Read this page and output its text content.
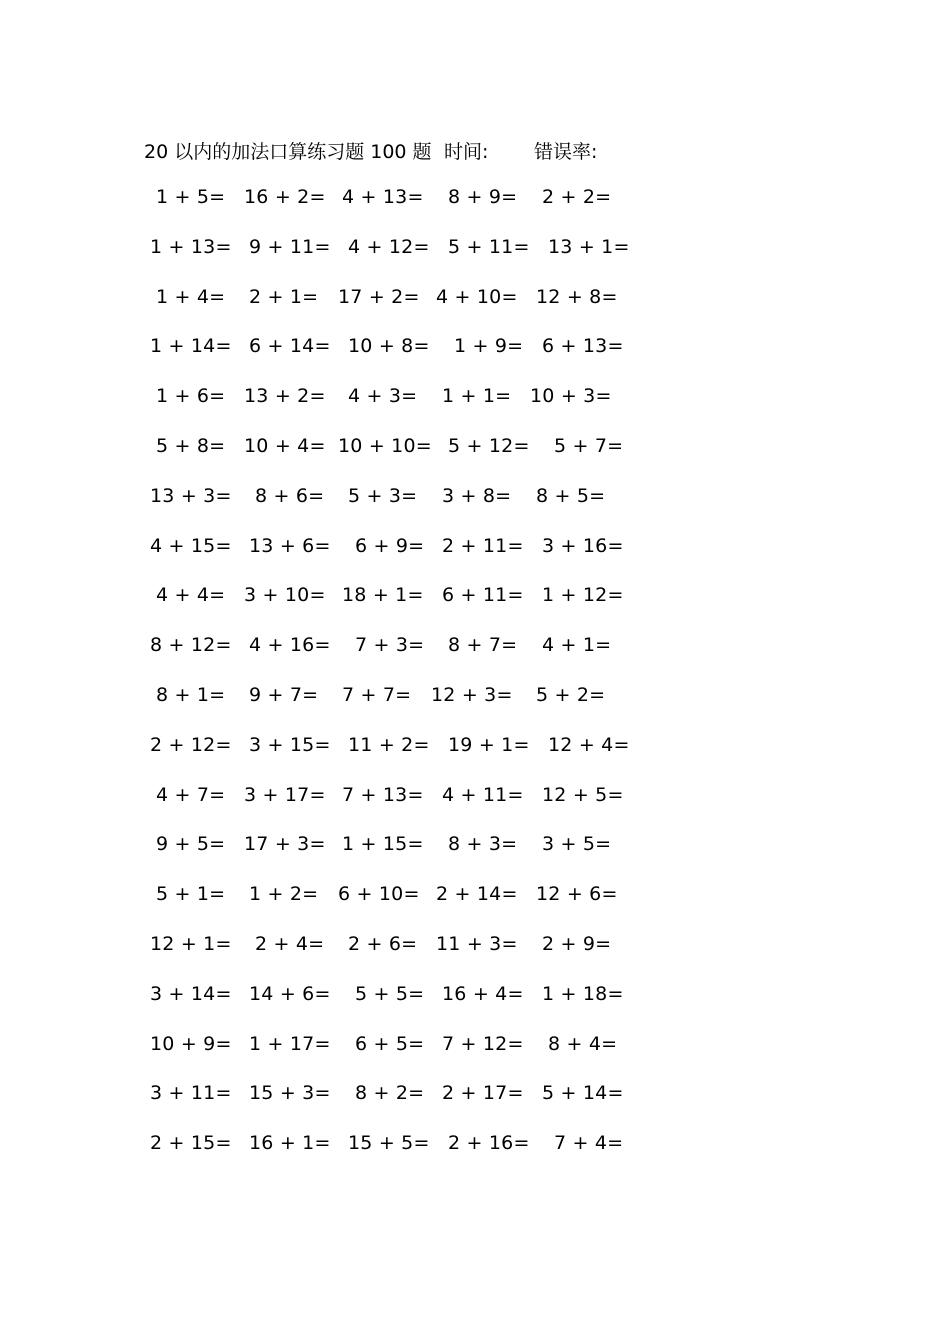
20 以内的加法口算练习题 100 题 时间: 错误率:
1 + 5= 16 + 2= 4 + 13= 8 + 9= 2 + 2=
1 + 13= 9 + 11= 4 + 12= 5 + 11= 13 + 1=
1 + 4= 2 + 1= 17 + 2= 4 + 10= 12 + 8=
1 + 14= 6 + 14= 10 + 8= 1 + 9= 6 + 13=
1 + 6= 13 + 2= 4 + 3= 1 + 1= 10 + 3=
5 + 8= 10 + 4= 10 + 10= 5 + 12= 5 + 7=
13 + 3= 8 + 6= 5 + 3= 3 + 8= 8 + 5=
4 + 15= 13 + 6= 6 + 9= 2 + 11= 3 + 16=
4 + 4= 3 + 10= 18 + 1= 6 + 11= 1 + 12=
8 + 12= 4 + 16= 7 + 3= 8 + 7= 4 + 1=
8 + 1= 9 + 7= 7 + 7= 12 + 3= 5 + 2=
2 + 12= 3 + 15= 11 + 2= 19 + 1= 12 + 4=
4 + 7= 3 + 17= 7 + 13= 4 + 11= 12 + 5=
9 + 5= 17 + 3= 1 + 15= 8 + 3= 3 + 5=
5 + 1= 1 + 2= 6 + 10= 2 + 14= 12 + 6=
12 + 1= 2 + 4= 2 + 6= 11 + 3= 2 + 9=
3 + 14= 14 + 6= 5 + 5= 16 + 4= 1 + 18=
10 + 9= 1 + 17= 6 + 5= 7 + 12= 8 + 4=
3 + 11= 15 + 3= 8 + 2= 2 + 17= 5 + 14=
2 + 15= 16 + 1= 15 + 5= 2 + 16= 7 + 4=
